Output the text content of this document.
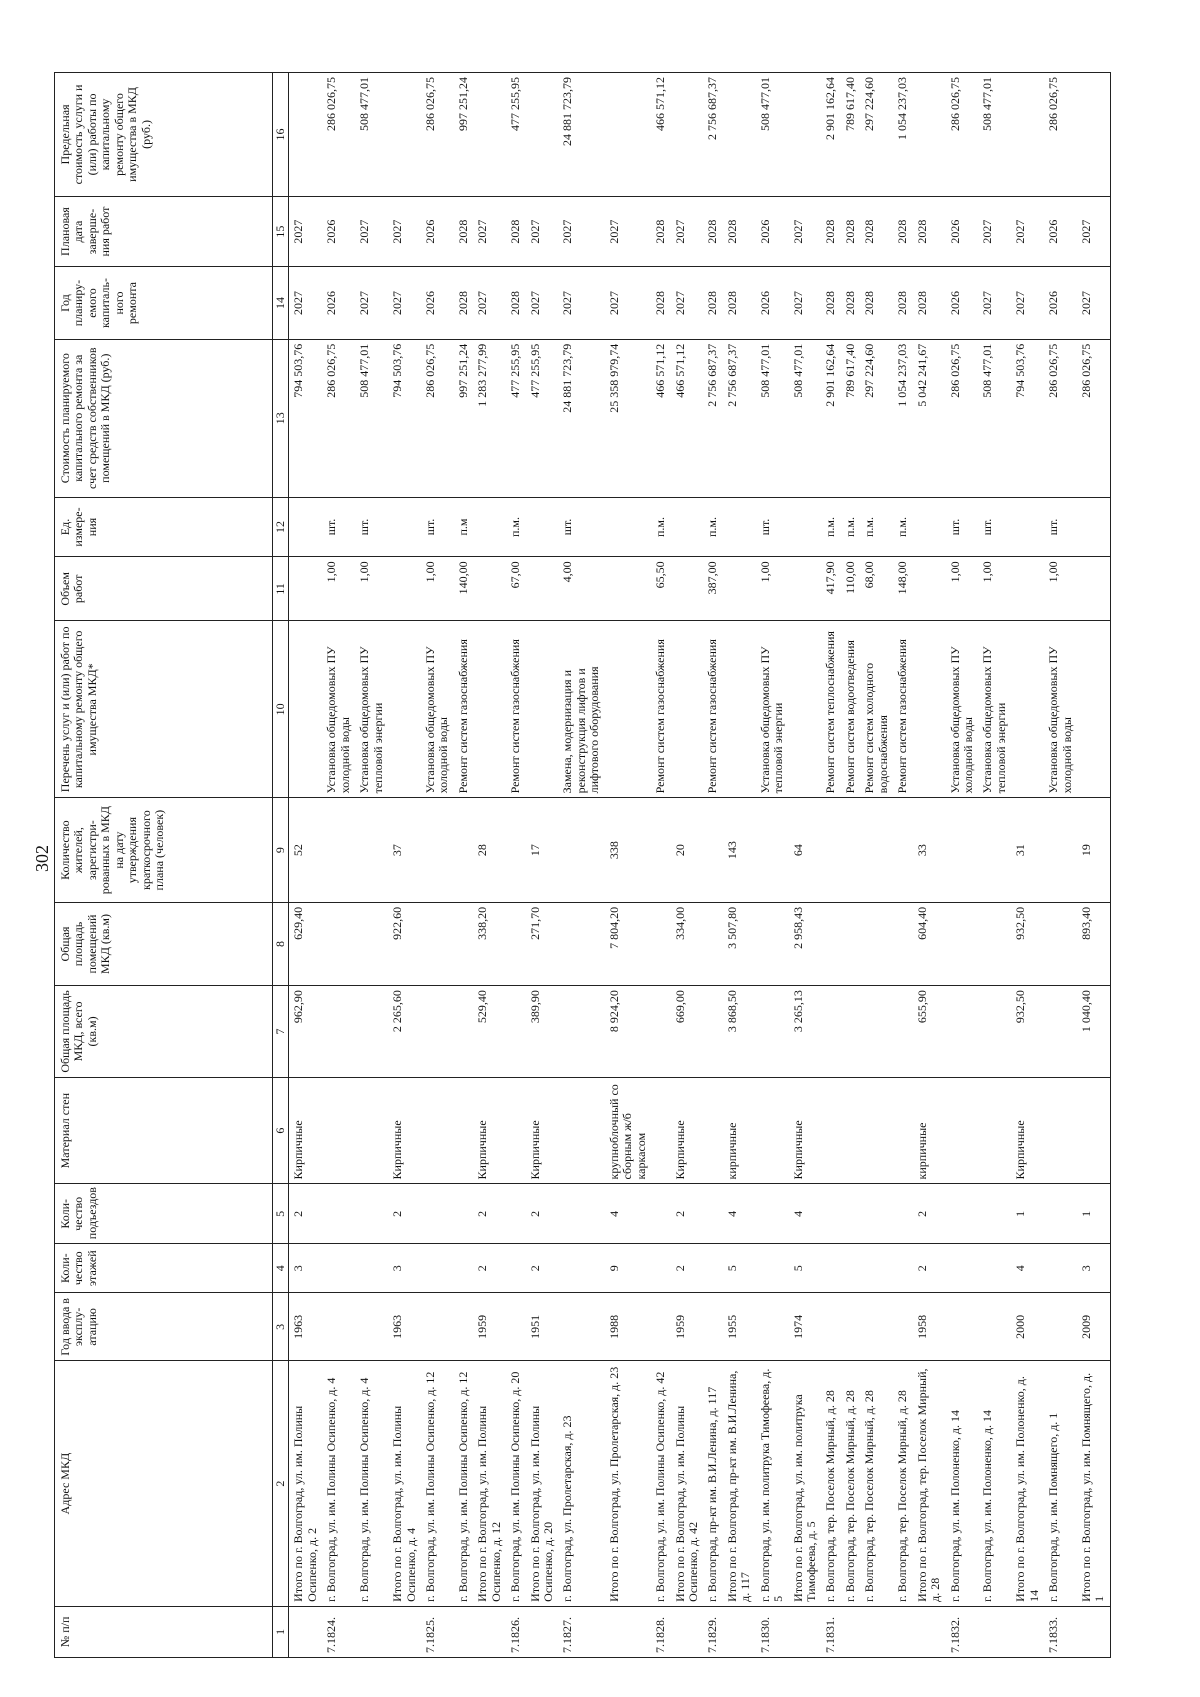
302
№ п/п	Адрес МКД	Год ввода в эксплу- атацию	Коли- чество этажей	Коли- чество подъездов	Материал стен	Общая площадь МКД, всего (кв.м)	Общая площадь помещений МКД (кв.м)	Количество жителей, зарегистри- рованных в МКД на дату утверждения краткосрочного плана (человек)	Перечень услуг и (или) работ по капитальному ремонту общего имущества МКД*	Объем работ	Ед. измере- ния	Стоимость планируемого капитального ремонта за счет средств собственников помещений в МКД (руб.)	Год планиру- емого капиталь- ного ремонта	Плановая дата заверше- ния работ	Предельная стоимость услуги и (или) работы по капитальному ремонту общего имущества в МКД (руб.)
1	2	3	4	5	6	7	8	9	10	11	12	13	14	15	16
	Итого по г. Волгоград, ул. им. Полины Осипенко, д. 2	1963	3	2	Кирпичные	962,90	629,40	52				794 503,76	2027	2027	
7.1824.	г. Волгоград, ул. им. Полины Осипенко, д. 4								Установка общедомовых ПУ холодной воды	1,00	шт.	286 026,75	2026	2026	286 026,75
	г. Волгоград, ул. им. Полины Осипенко, д. 4								Установка общедомовых ПУ тепловой энергии	1,00	шт.	508 477,01	2027	2027	508 477,01
	Итого по г. Волгоград, ул. им. Полины Осипенко, д. 4	1963	3	2	Кирпичные	2 265,60	922,60	37				794 503,76	2027	2027	
7.1825.	г. Волгоград, ул. им. Полины Осипенко, д. 12								Установка общедомовых ПУ холодной воды	1,00	шт.	286 026,75	2026	2026	286 026,75
	г. Волгоград, ул. им. Полины Осипенко, д. 12								Ремонт систем газоснабжения	140,00	п.м	997 251,24	2028	2028	997 251,24
	Итого по г. Волгоград, ул. им. Полины Осипенко, д. 12	1959	2	2	Кирпичные	529,40	338,20	28				1 283 277,99	2027	2027	
7.1826.	г. Волгоград, ул. им. Полины Осипенко, д. 20								Ремонт систем газоснабжения	67,00	п.м.	477 255,95	2028	2028	477 255,95
	Итого по г. Волгоград, ул. им. Полины Осипенко, д. 20	1951	2	2	Кирпичные	389,90	271,70	17				477 255,95	2027	2027	
7.1827.	г. Волгоград, ул. Пролетарская, д. 23								Замена, модернизация и реконструкция лифтов и лифтового оборудования	4,00	шт.	24 881 723,79	2027	2027	24 881 723,79
	Итого по г. Волгоград, ул. Пролетарская, д. 23	1988	9	4	крупноблочный со сборным ж/б каркасом	8 924,20	7 804,20	338				25 358 979,74	2027	2027	
7.1828.	г. Волгоград, ул. им. Полины Осипенко, д. 42								Ремонт систем газоснабжения	65,50	п.м.	466 571,12	2028	2028	466 571,12
	Итого по г. Волгоград, ул. им. Полины Осипенко, д. 42	1959	2	2	Кирпичные	669,00	334,00	20				466 571,12	2027	2027	
7.1829.	г. Волгоград, пр-кт им. В.И.Ленина, д. 117								Ремонт систем газоснабжения	387,00	п.м.	2 756 687,37	2028	2028	2 756 687,37
	Итого по г. Волгоград, пр-кт им. В.И.Ленина, д. 117	1955	5	4	кирпичные	3 868,50	3 507,80	143				2 756 687,37	2028	2028	
7.1830.	г. Волгоград, ул. им. политрука Тимофеева, д. 5								Установка общедомовых ПУ тепловой энергии	1,00	шт.	508 477,01	2026	2026	508 477,01
	Итого по г. Волгоград, ул. им. политрука Тимофеева, д. 5	1974	5	4	Кирпичные	3 265,13	2 958,43	64				508 477,01	2027	2027	
7.1831.	г. Волгоград, тер. Поселок Мирный, д. 28								Ремонт систем теплоснабжения	417,90	п.м.	2 901 162,64	2028	2028	2 901 162,64
	г. Волгоград, тер. Поселок Мирный, д. 28								Ремонт систем водоотведения	110,00	п.м.	789 617,40	2028	2028	789 617,40
	г. Волгоград, тер. Поселок Мирный, д. 28								Ремонт систем холодного водоснабжения	68,00	п.м.	297 224,60	2028	2028	297 224,60
	г. Волгоград, тер. Поселок Мирный, д. 28								Ремонт систем газоснабжения	148,00	п.м.	1 054 237,03	2028	2028	1 054 237,03
	Итого по г. Волгоград, тер. Поселок Мирный, д. 28	1958	2	2	кирпичные	655,90	604,40	33				5 042 241,67	2028	2028	
7.1832.	г. Волгоград, ул. им. Полоненко, д. 14								Установка общедомовых ПУ холодной воды	1,00	шт.	286 026,75	2026	2026	286 026,75
	г. Волгоград, ул. им. Полоненко, д. 14								Установка общедомовых ПУ тепловой энергии	1,00	шт.	508 477,01	2027	2027	508 477,01
	Итого по г. Волгоград, ул. им. Полоненко, д. 14	2000	4	1	Кирпичные	932,50	932,50	31				794 503,76	2027	2027	
7.1833.	г. Волгоград, ул. им. Помнящего, д. 1								Установка общедомовых ПУ холодной воды	1,00	шт.	286 026,75	2026	2026	286 026,75
	Итого по г. Волгоград, ул. им. Помнящего, д. 1	2009	3	1		1 040,40	893,40	19				286 026,75	2027	2027	
